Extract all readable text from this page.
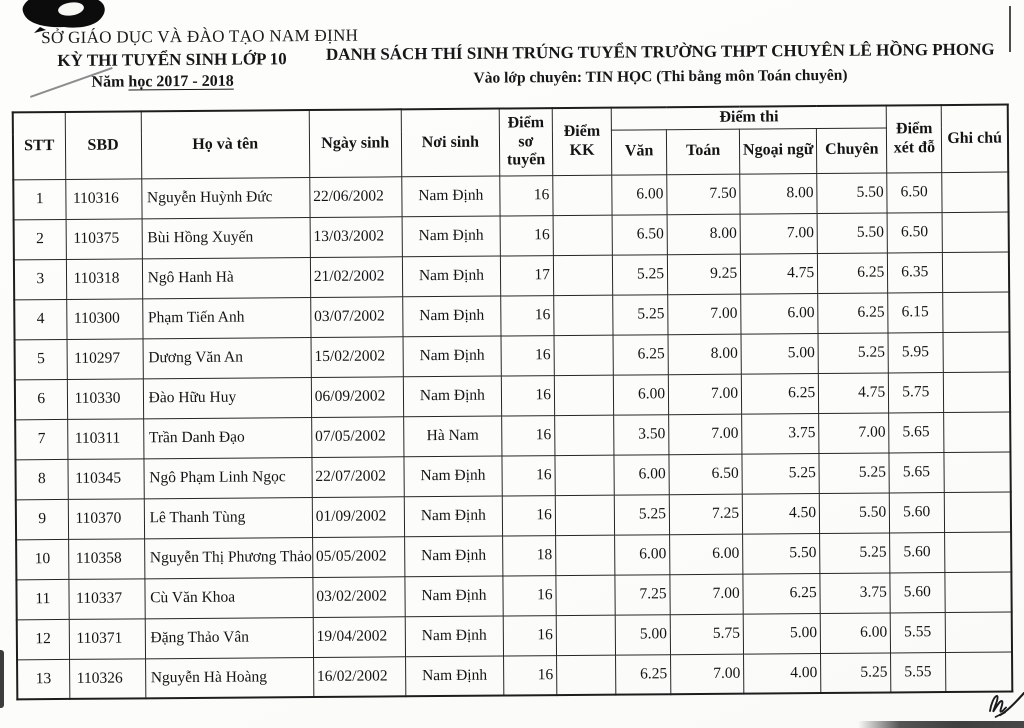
SỞ GIÁO DỤC VÀ ĐÀO TẠO NAM ĐỊNH
KỲ THI TUYỂN SINH LỚP 10
Năm học 2017 - 2018
DANH SÁCH THÍ SINH TRÚNG TUYỂN TRƯỜNG THPT CHUYÊN LÊ HỒNG PHONG
Vào lớp chuyên: TIN HỌC (Thi bằng môn Toán chuyên)
STT	SBD	Họ và tên	Ngày sinh	Nơi sinh	Điểm sơ tuyển	Điểm KK	Điểm thi				Điểm xét đỗ	Ghi chú
							Văn	Toán	Ngoại ngữ	Chuyên		
1	110316	Nguyễn Huỳnh Đức	22/06/2002	Nam Định	16		6.00	7.50	8.00	5.50	6.50	
2	110375	Bùi Hồng Xuyến	13/03/2002	Nam Định	16		6.50	8.00	7.00	5.50	6.50	
3	110318	Ngô Hanh Hà	21/02/2002	Nam Định	17		5.25	9.25	4.75	6.25	6.35	
4	110300	Phạm Tiến Anh	03/07/2002	Nam Định	16		5.25	7.00	6.00	6.25	6.15	
5	110297	Dương Văn An	15/02/2002	Nam Định	16		6.25	8.00	5.00	5.25	5.95	
6	110330	Đào Hữu Huy	06/09/2002	Nam Định	16		6.00	7.00	6.25	4.75	5.75	
7	110311	Trần Danh Đạo	07/05/2002	Hà Nam	16		3.50	7.00	3.75	7.00	5.65	
8	110345	Ngô Phạm Linh Ngọc	22/07/2002	Nam Định	16		6.00	6.50	5.25	5.25	5.65	
9	110370	Lê Thanh Tùng	01/09/2002	Nam Định	16		5.25	7.25	4.50	5.50	5.60	
10	110358	Nguyễn Thị Phương Thảo	05/05/2002	Nam Định	18		6.00	6.00	5.50	5.25	5.60	
11	110337	Cù Văn Khoa	03/02/2002	Nam Định	16		7.25	7.00	6.25	3.75	5.60	
12	110371	Đặng Thảo Vân	19/04/2002	Nam Định	16		5.00	5.75	5.00	6.00	5.55	
13	110326	Nguyễn Hà Hoàng	16/02/2002	Nam Định	16		6.25	7.00	4.00	5.25	5.55	
